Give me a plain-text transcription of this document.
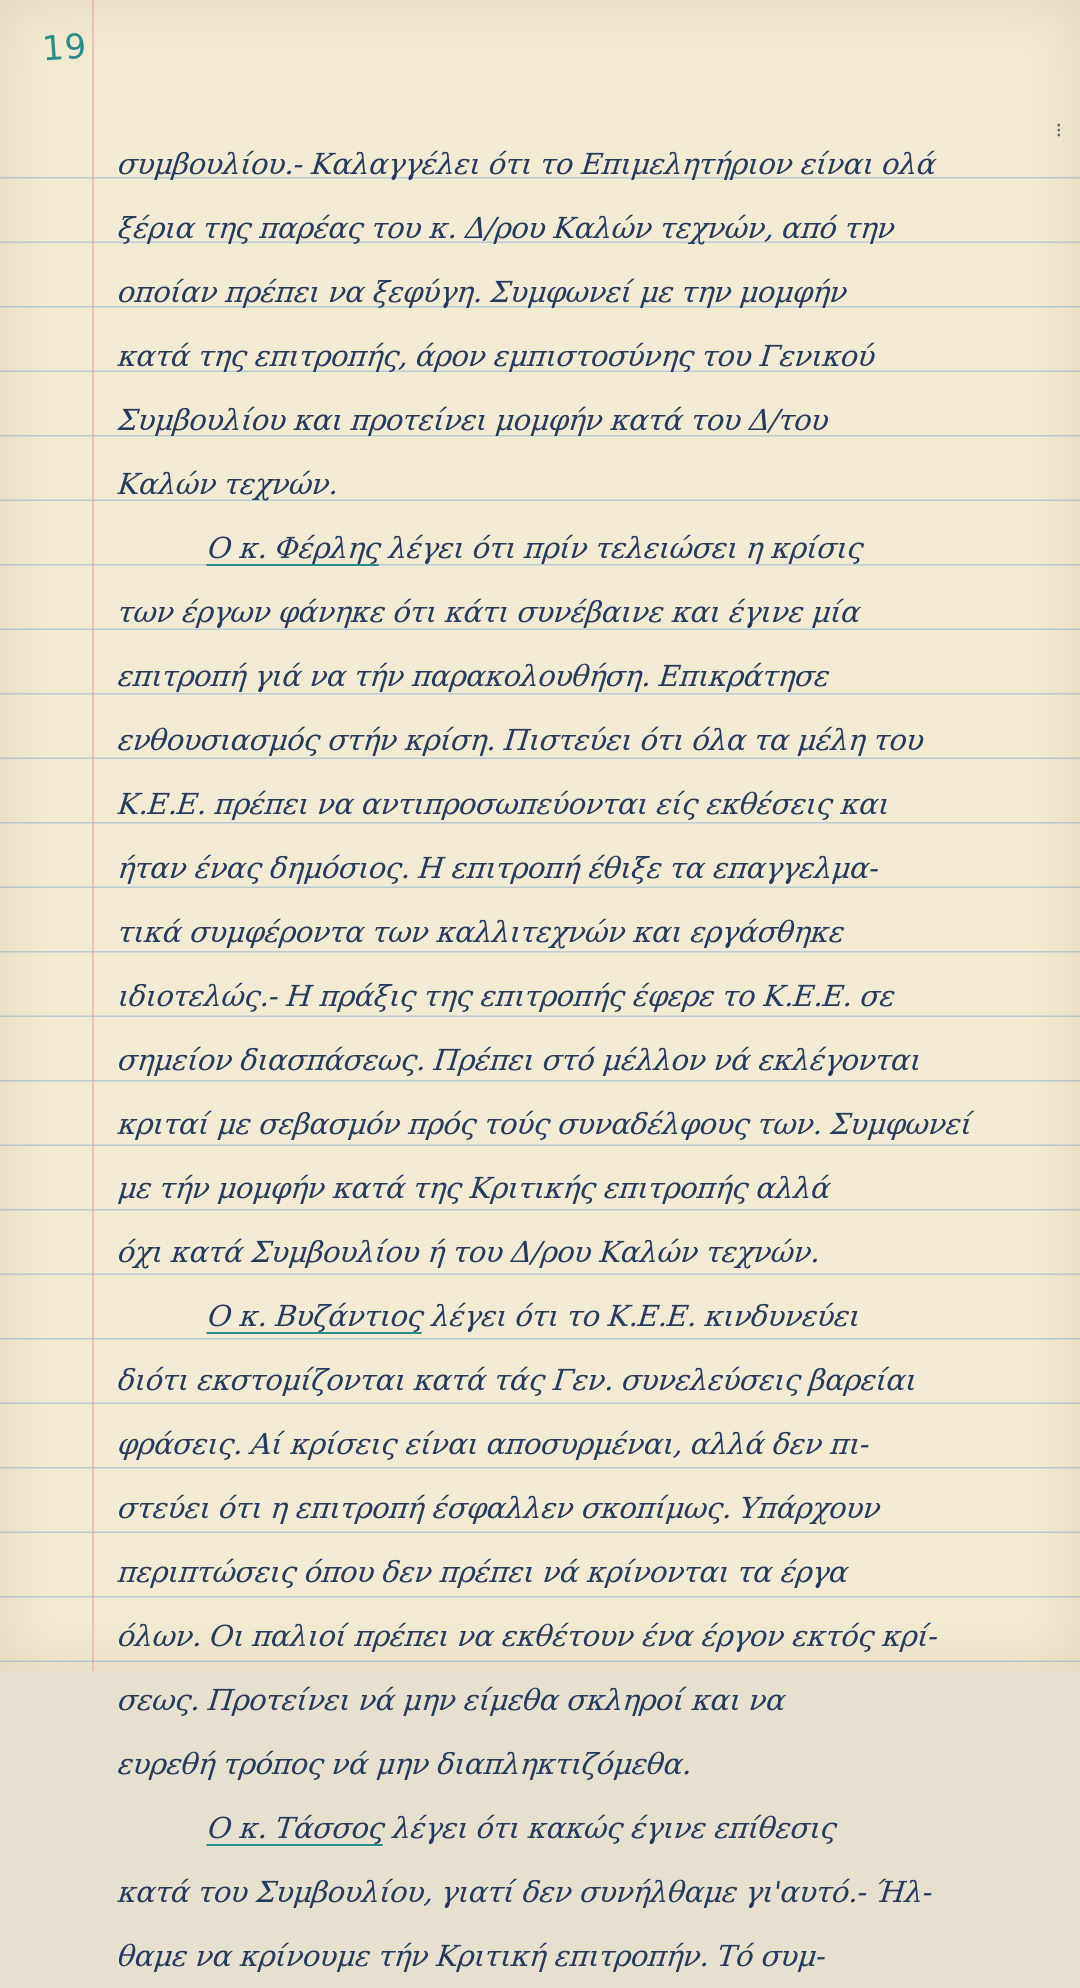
19
⁝
συμβουλίου.- Καλαγγέλει ότι το Επιμελητήριον είναι ολά
ξέρια της παρέας του κ. Δ/ρου Καλών τεχνών, από την
οποίαν πρέπει να ξεφύγη. Συμφωνεί με την μομφήν
κατά της επιτροπής, άρον εμπιστοσύνης του Γενικού
Συμβουλίου και προτείνει μομφήν κατά του Δ/του
Καλών τεχνών.
Ο κ. Φέρλης λέγει ότι πρίν τελειώσει η κρίσις
των έργων φάνηκε ότι κάτι συνέβαινε και έγινε μία
επιτροπή γιά να τήν παρακολουθήση. Επικράτησε
ενθουσιασμός στήν κρίση. Πιστεύει ότι όλα τα μέλη του
Κ.Ε.Ε. πρέπει να αντιπροσωπεύονται είς εκθέσεις και
ήταν ένας δημόσιος. Η επιτροπή έθιξε τα επαγγελμα-
τικά συμφέροντα των καλλιτεχνών και εργάσθηκε
ιδιοτελώς.- Η πράξις της επιτροπής έφερε το Κ.Ε.Ε. σε
σημείον διασπάσεως. Πρέπει στό μέλλον νά εκλέγονται
κριταί με σεβασμόν πρός τούς συναδέλφους των. Συμφωνεί
με τήν μομφήν κατά της Κριτικής επιτροπής αλλά
όχι κατά Συμβουλίου ή του Δ/ρου Καλών τεχνών.
Ο κ. Βυζάντιος λέγει ότι το Κ.Ε.Ε. κινδυνεύει
διότι εκστομίζονται κατά τάς Γεν. συνελεύσεις βαρείαι
φράσεις. Αί κρίσεις είναι αποσυρμέναι, αλλά δεν πι-
στεύει ότι η επιτροπή έσφαλλεν σκοπίμως. Υπάρχουν
περιπτώσεις όπου δεν πρέπει νά κρίνονται τα έργα
όλων. Οι παλιοί πρέπει να εκθέτουν ένα έργον εκτός κρί-
σεως. Προτείνει νά μην είμεθα σκληροί και να
ευρεθή τρόπος νά μην διαπληκτιζόμεθα.
Ο κ. Τάσσος λέγει ότι κακώς έγινε επίθεσις
κατά του Συμβουλίου, γιατί δεν συνήλθαμε γι'αυτό.- Ήλ-
θαμε να κρίνουμε τήν Κριτική επιτροπήν. Τό συμ-
